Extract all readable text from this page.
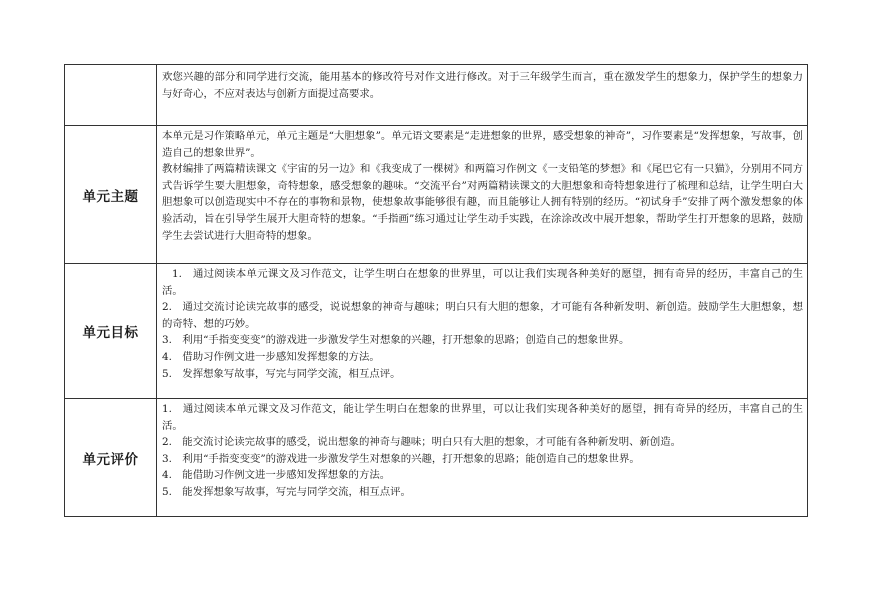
	欢您兴趣的部分和同学进行交流，能用基本的修改符号对作文进行修改。对于三年级学生而言，重在激发学生的想象力，保护学生的想象力与好奇心，不应对表达与创新方面提过高要求。

单元主题	本单元是习作策略单元，单元主题是“大胆想象”。单元语文要素是“走进想象的世界，感受想象的神奇”，习作要素是“发挥想象，写故事，创造自己的想象世界”。

教材编排了两篇精读课文《宇宙的另一边》和《我变成了一棵树》和两篇习作例文《一支铅笔的梦想》和《尾巴它有一只猫》，分别用不同方式告诉学生要大胆想象，奇特想象，感受想象的趣味。“交流平台”对两篇精读课文的大胆想象和奇特想象进行了梳理和总结，让学生明白大胆想象可以创造现实中不存在的事物和景物，使想象故事能够很有趣，而且能够让人拥有特别的经历。“初试身手”安排了两个激发想象的体验活动，旨在引导学生展开大胆奇特的想象。“手指画”练习通过让学生动手实践，在涂涂改改中展开想象，帮助学生打开想象的思路，鼓励学生去尝试进行大胆奇特的想象。

单元目标	1.　通过阅读本单元课文及习作范文，让学生明白在想象的世界里，可以让我们实现各种美好的愿望，拥有奇异的经历，丰富自己的生活。
2.　通过交流讨论读完故事的感受，说说想象的神奇与趣味；明白只有大胆的想象，才可能有各种新发明、新创造。鼓励学生大胆想象，想的奇特、想的巧妙。
3.　利用“手指变变变”的游戏进一步激发学生对想象的兴趣，打开想象的思路；创造自己的想象世界。
4.　借助习作例文进一步感知发挥想象的方法。
5.　发挥想象写故事，写完与同学交流，相互点评。

单元评价	1.　通过阅读本单元课文及习作范文，能让学生明白在想象的世界里，可以让我们实现各种美好的愿望，拥有奇异的经历，丰富自己的生活。
2.　能交流讨论读完故事的感受，说出想象的神奇与趣味；明白只有大胆的想象，才可能有各种新发明、新创造。
3.　利用“手指变变变”的游戏进一步激发学生对想象的兴趣，打开想象的思路；能创造自己的想象世界。
4.　能借助习作例文进一步感知发挥想象的方法。
5.　能发挥想象写故事，写完与同学交流，相互点评。
